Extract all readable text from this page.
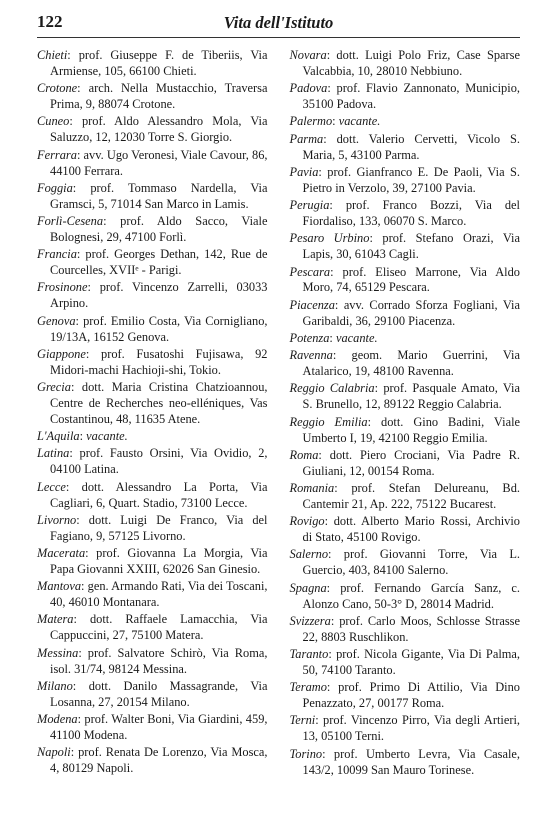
122	Vita dell'Istituto

Chieti: prof. Giuseppe F. de Tiberiis, Via Armiense, 105, 66100 Chieti.

Crotone: arch. Nella Mustacchio, Traversa Prima, 9, 88074 Crotone.

Cuneo: prof. Aldo Alessandro Mola, Via Saluzzo, 12, 12030 Torre S. Giorgio.

Ferrara: avv. Ugo Veronesi, Viale Cavour, 86, 44100 Ferrara.

Foggia: prof. Tommaso Nardella, Via Gramsci, 5, 71014 San Marco in Lamis.

Forlì-Cesena: prof. Aldo Sacco, Viale Bolognesi, 29, 47100 Forlì.

Francia: prof. Georges Dethan, 142, Rue de Courcelles, XVIIᵉ - Parigi.

Frosinone: prof. Vincenzo Zarrelli, 03033 Arpino.

Genova: prof. Emilio Costa, Via Cornigliano, 19/13A, 16152 Genova.

Giappone: prof. Fusatoshi Fujisawa, 92 Midori-machi Hachioji-shi, Tokio.

Grecia: dott. Maria Cristina Chatzioannou, Centre de Recherches neo-elléniques, Vas Costantinou, 48, 11635 Atene.

L'Aquila: vacante.

Latina: prof. Fausto Orsini, Via Ovidio, 2, 04100 Latina.

Lecce: dott. Alessandro La Porta, Via Cagliari, 6, Quart. Stadio, 73100 Lecce.

Livorno: dott. Luigi De Franco, Via del Fagiano, 9, 57125 Livorno.

Macerata: prof. Giovanna La Morgia, Via Papa Giovanni XXIII, 62026 San Ginesio.

Mantova: gen. Armando Rati, Via dei Toscani, 40, 46010 Montanara.

Matera: dott. Raffaele Lamacchia, Via Cappuccini, 27, 75100 Matera.

Messina: prof. Salvatore Schirò, Via Roma, isol. 31/74, 98124 Messina.

Milano: dott. Danilo Massagrande, Via Losanna, 27, 20154 Milano.

Modena: prof. Walter Boni, Via Giardini, 459, 41100 Modena.

Napoli: prof. Renata De Lorenzo, Via Mosca, 4, 80129 Napoli.

Novara: dott. Luigi Polo Friz, Case Sparse Valcabbia, 10, 28010 Nebbiuno.

Padova: prof. Flavio Zannonato, Municipio, 35100 Padova.

Palermo: vacante.

Parma: dott. Valerio Cervetti, Vicolo S. Maria, 5, 43100 Parma.

Pavia: prof. Gianfranco E. De Paoli, Via S. Pietro in Verzolo, 39, 27100 Pavia.

Perugia: prof. Franco Bozzi, Via del Fiordaliso, 133, 06070 S. Marco.

Pesaro Urbino: prof. Stefano Orazi, Via Lapis, 30, 61043 Cagli.

Pescara: prof. Eliseo Marrone, Via Aldo Moro, 74, 65129 Pescara.

Piacenza: avv. Corrado Sforza Fogliani, Via Garibaldi, 36, 29100 Piacenza.

Potenza: vacante.

Ravenna: geom. Mario Guerrini, Via Atalarico, 19, 48100 Ravenna.

Reggio Calabria: prof. Pasquale Amato, Via S. Brunello, 12, 89122 Reggio Calabria.

Reggio Emilia: dott. Gino Badini, Viale Umberto I, 19, 42100 Reggio Emilia.

Roma: dott. Piero Crociani, Via Padre R. Giuliani, 12, 00154 Roma.

Romania: prof. Stefan Delureanu, Bd. Cantemir 21, Ap. 222, 75122 Bucarest.

Rovigo: dott. Alberto Mario Rossi, Archivio di Stato, 45100 Rovigo.

Salerno: prof. Giovanni Torre, Via L. Guercio, 403, 84100 Salerno.

Spagna: prof. Fernando García Sanz, c. Alonzo Cano, 50-3° D, 28014 Madrid.

Svizzera: prof. Carlo Moos, Schlosse Strasse 22, 8803 Ruschlikon.

Taranto: prof. Nicola Gigante, Via Di Palma, 50, 74100 Taranto.

Teramo: prof. Primo Di Attilio, Via Dino Penazzato, 27, 00177 Roma.

Terni: prof. Vincenzo Pirro, Via degli Artieri, 13, 05100 Terni.

Torino: prof. Umberto Levra, Via Casale, 143/2, 10099 San Mauro Torinese.
